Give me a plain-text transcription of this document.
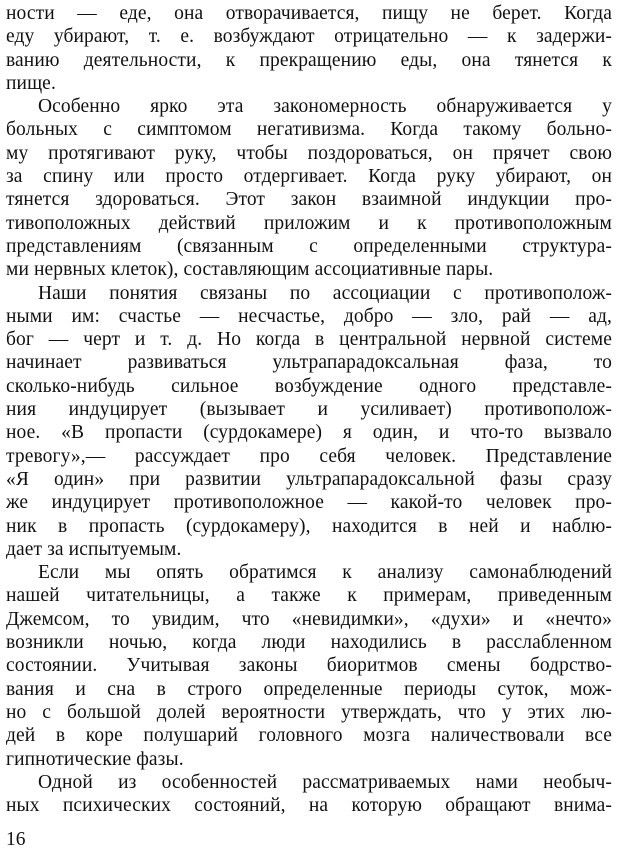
ности — еде, она отворачивается, пищу не берет. Когда
еду убирают, т. е. возбуждают отрицательно — к задержи-
ванию деятельности, к прекращению еды, она тянется к
пище.
Особенно ярко эта закономерность обнаруживается у
больных с симптомом негативизма. Когда такому больно-
му протягивают руку, чтобы поздороваться, он прячет свою
за спину или просто отдергивает. Когда руку убирают, он
тянется здороваться. Этот закон взаимной индукции про-
тивоположных действий приложим и к противоположным
представлениям (связанным с определенными структура-
ми нервных клеток), составляющим ассоциативные пары.
Наши понятия связаны по ассоциации с противополож-
ными им: счастье — несчастье, добро — зло, рай — ад,
бог — черт и т. д. Но когда в центральной нервной системе
начинает развиваться ультрапарадоксальная фаза, то
сколько-нибудь сильное возбуждение одного представле-
ния индуцирует (вызывает и усиливает) противополож-
ное. «В пропасти (сурдокамере) я один, и что-то вызвало
тревогу»,— рассуждает про себя человек. Представление
«Я один» при развитии ультрапарадоксальной фазы сразу
же индуцирует противоположное — какой-то человек про-
ник в пропасть (сурдокамеру), находится в ней и наблю-
дает за испытуемым.
Если мы опять обратимся к анализу самонаблюдений
нашей читательницы, а также к примерам, приведенным
Джемсом, то увидим, что «невидимки», «духи» и «нечто»
возникли ночью, когда люди находились в расслабленном
состоянии. Учитывая законы биоритмов смены бодрство-
вания и сна в строго определенные периоды суток, мож-
но с большой долей вероятности утверждать, что у этих лю-
дей в коре полушарий головного мозга наличествовали все
гипнотические фазы.
Одной из особенностей рассматриваемых нами необыч-
ных психических состояний, на которую обращают внима-
16
